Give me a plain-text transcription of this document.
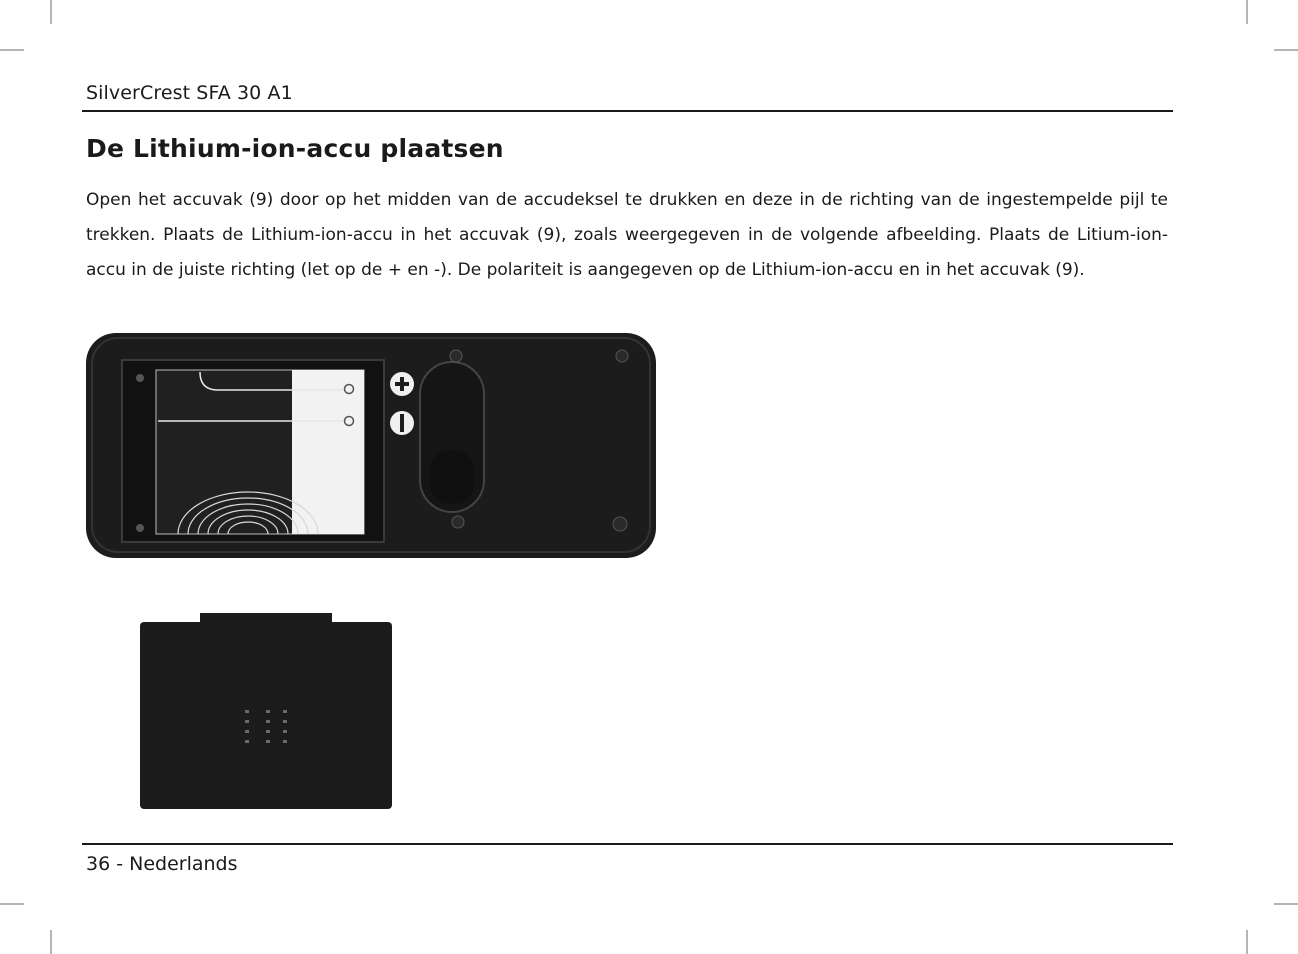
SilverCrest SFA 30 A1
De Lithium-ion-accu plaatsen

Open het accuvak (9) door op het midden van de accudeksel te drukken en deze in de richting van de ingestempelde pijl te trekken. Plaats de Lithium-ion-accu in het accuvak (9), zoals weergegeven in de volgende afbeelding. Plaats de Litium-ion-accu in de juiste richting (let op de + en -). De polariteit is aangegeven op de Lithium-ion-accu en in het accuvak (9).

36 - Nederlands
